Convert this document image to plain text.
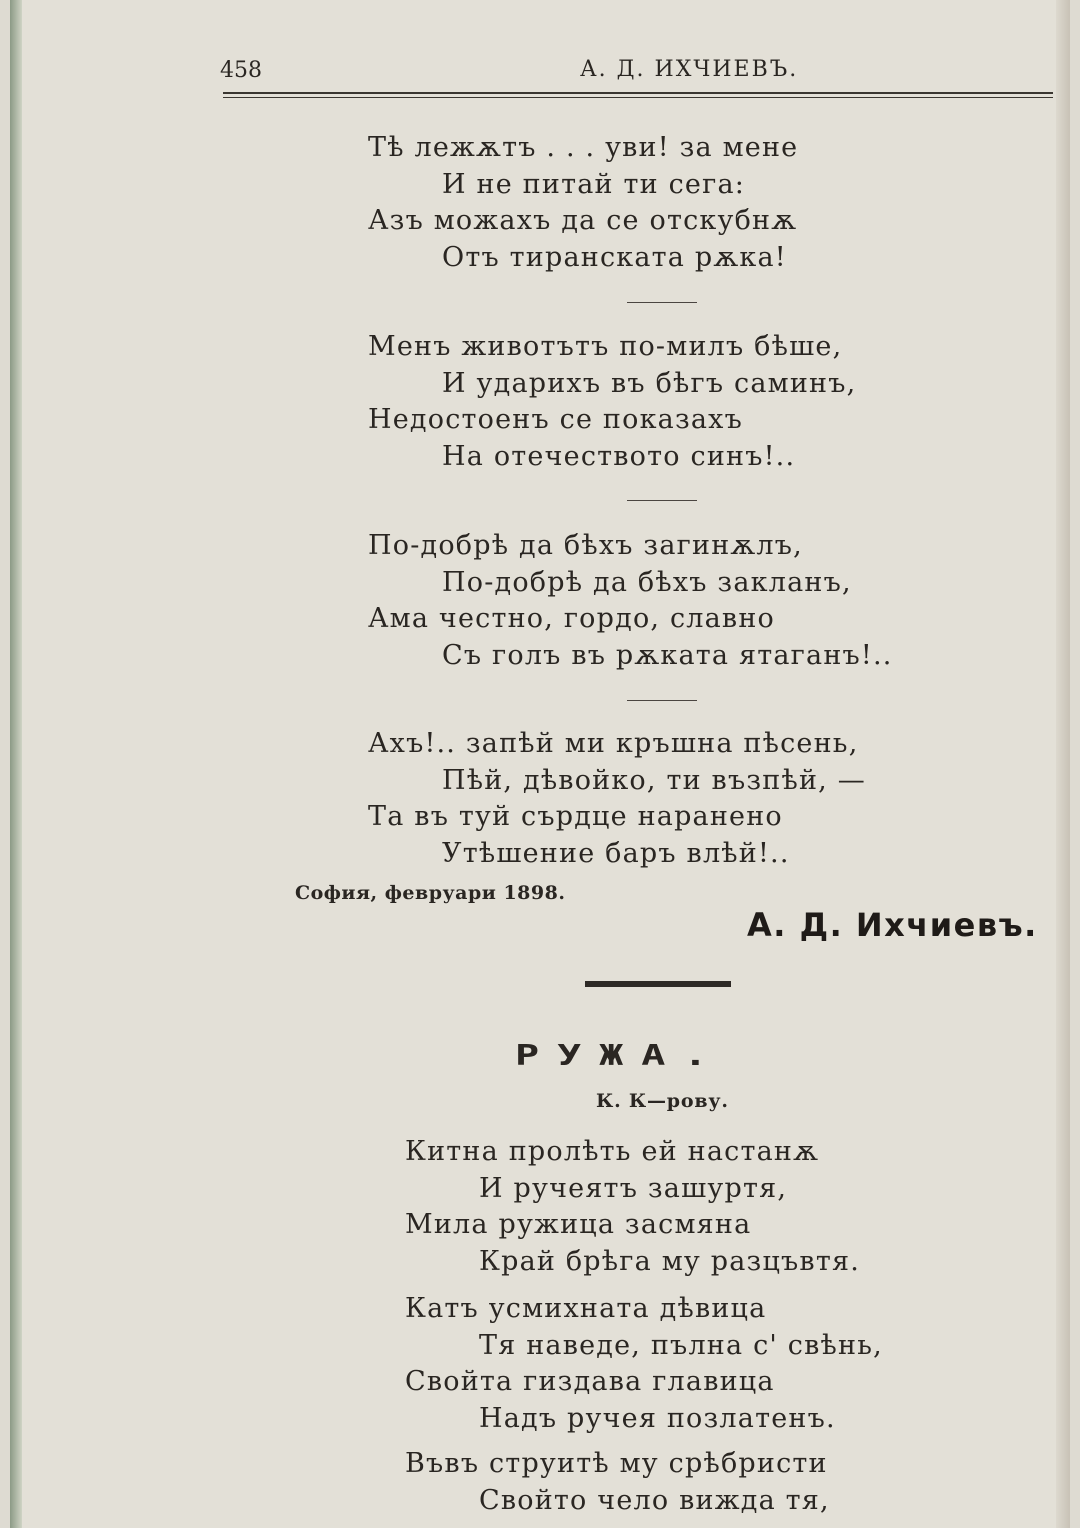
458	А. Д. ИХЧИЕВЪ.
Тѣ лежѫтъ . . . уви! за мене
И не питай ти сега:
Азъ можахъ да се отскубнѫ
Отъ тиранската рѫка!
Менъ животътъ по-милъ бѣше,
И ударихъ въ бѣгъ саминъ,
Недостоенъ се показахъ
На отечеството синъ!..
По-добрѣ да бѣхъ загинѫлъ,
По-добрѣ да бѣхъ закланъ,
Ама честно, гордо, славно
Съ голъ въ рѫката ятаганъ!..
Ахъ!.. запѣй ми кръшна пѣсень,
Пѣй, дѣвойко, ти възпѣй, —
Та въ туй сърдце наранено
Утѣшение баръ влѣй!..
София, февруари 1898.
А. Д. Ихчиевъ.
РУЖА.
К. К—рову.
Китна пролѣть ей настанѫ
И ручеятъ зашуртя,
Мила ружица засмяна
Край брѣга му разцъвтя.
Катъ усмихната дѣвица
Тя наведе, пълна с' свѣнь,
Свойта гиздава главица
Надъ ручея позлатенъ.
Въвъ струитѣ му срѣбристи
Свойто чело вижда тя,
